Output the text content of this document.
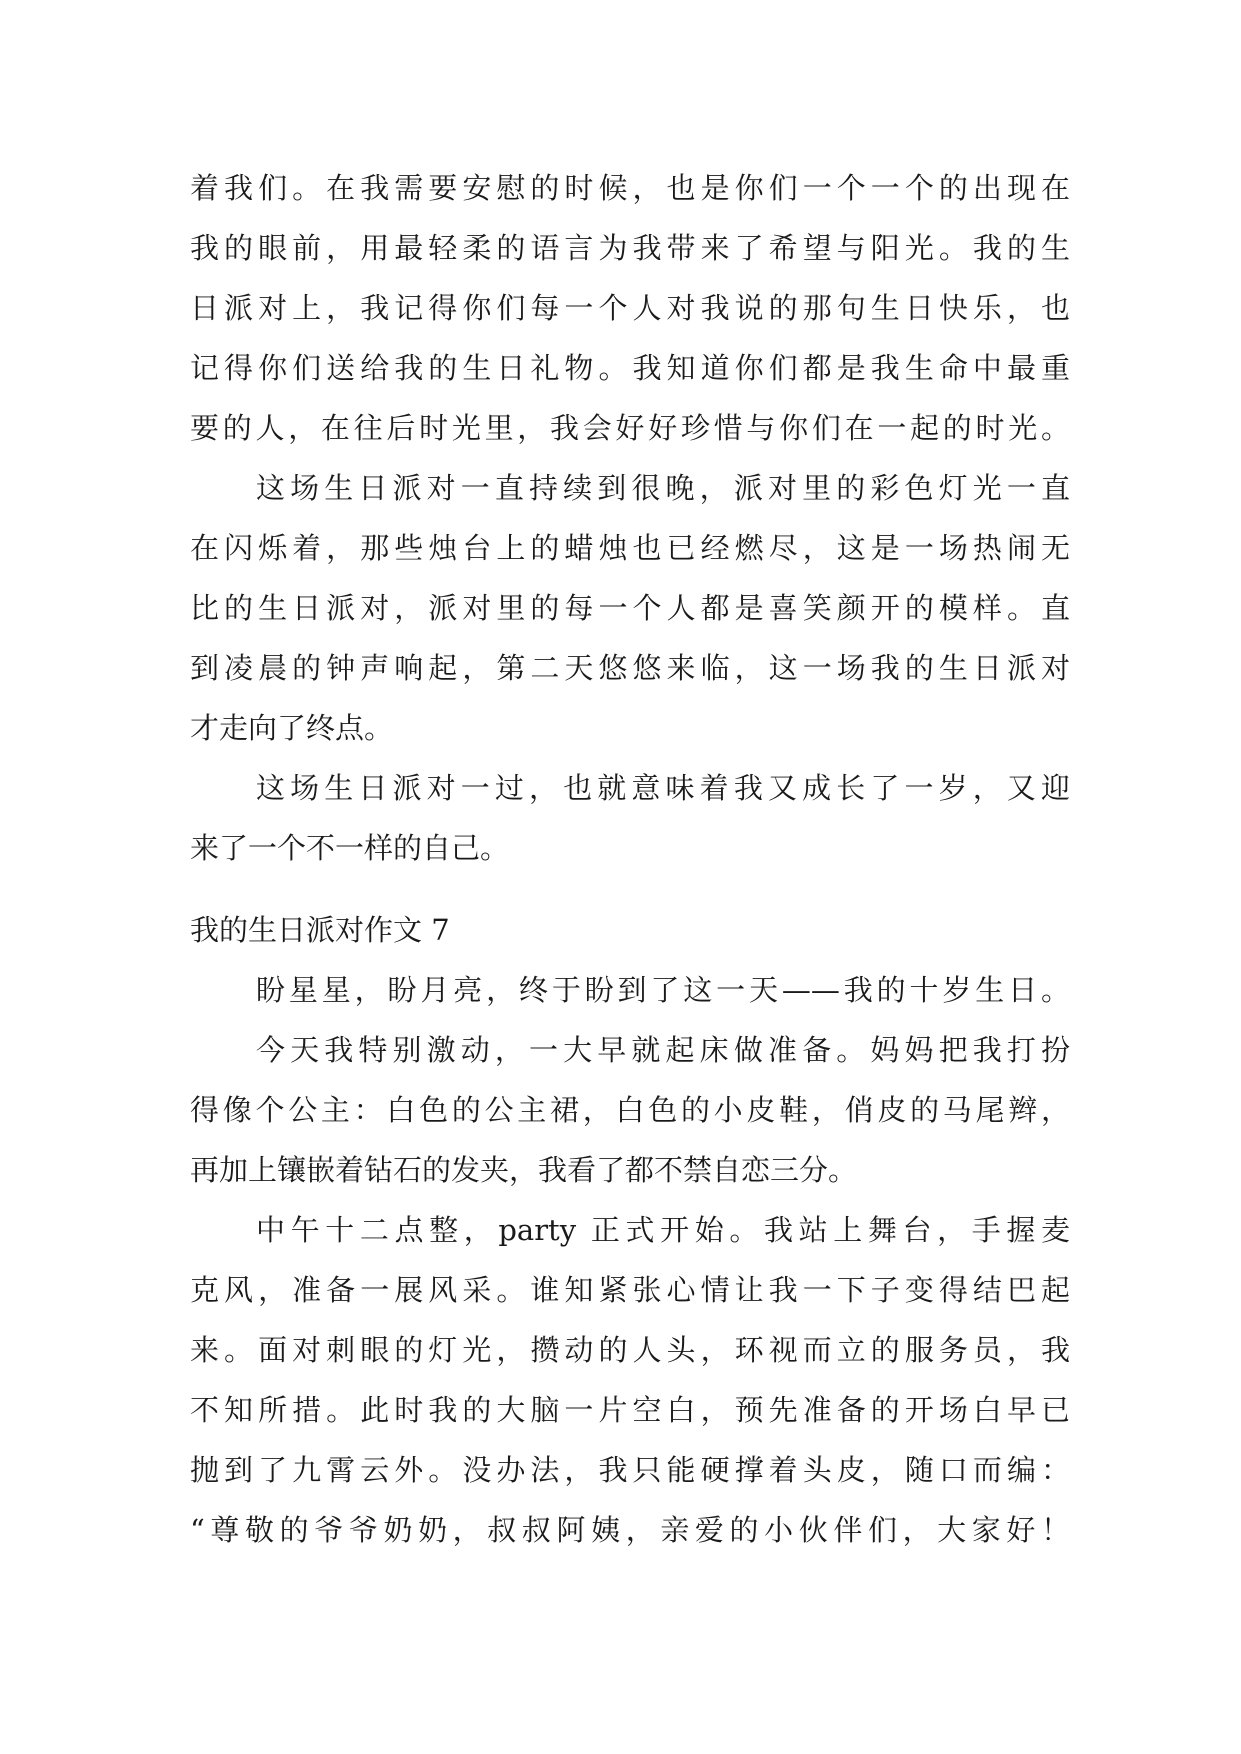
着我们。在我需要安慰的时候，也是你们一个一个的出现在
我的眼前，用最轻柔的语言为我带来了希望与阳光。我的生
日派对上，我记得你们每一个人对我说的那句生日快乐，也
记得你们送给我的生日礼物。我知道你们都是我生命中最重
要的人，在往后时光里，我会好好珍惜与你们在一起的时光。
这场生日派对一直持续到很晚，派对里的彩色灯光一直
在闪烁着，那些烛台上的蜡烛也已经燃尽，这是一场热闹无
比的生日派对，派对里的每一个人都是喜笑颜开的模样。直
到凌晨的钟声响起，第二天悠悠来临，这一场我的生日派对
才走向了终点。
这场生日派对一过，也就意味着我又成长了一岁，又迎
来了一个不一样的自己。
我的生日派对作文 7
盼星星，盼月亮，终于盼到了这一天——我的十岁生日。
今天我特别激动，一大早就起床做准备。妈妈把我打扮
得像个公主：白色的公主裙，白色的小皮鞋，俏皮的马尾辫，
再加上镶嵌着钻石的发夹，我看了都不禁自恋三分。
中午十二点整，party 正式开始。我站上舞台，手握麦
克风，准备一展风采。谁知紧张心情让我一下子变得结巴起
来。面对刺眼的灯光，攒动的人头，环视而立的服务员，我
不知所措。此时我的大脑一片空白，预先准备的开场白早已
抛到了九霄云外。没办法，我只能硬撑着头皮，随口而编：
“尊敬的爷爷奶奶，叔叔阿姨，亲爱的小伙伴们，大家好！
